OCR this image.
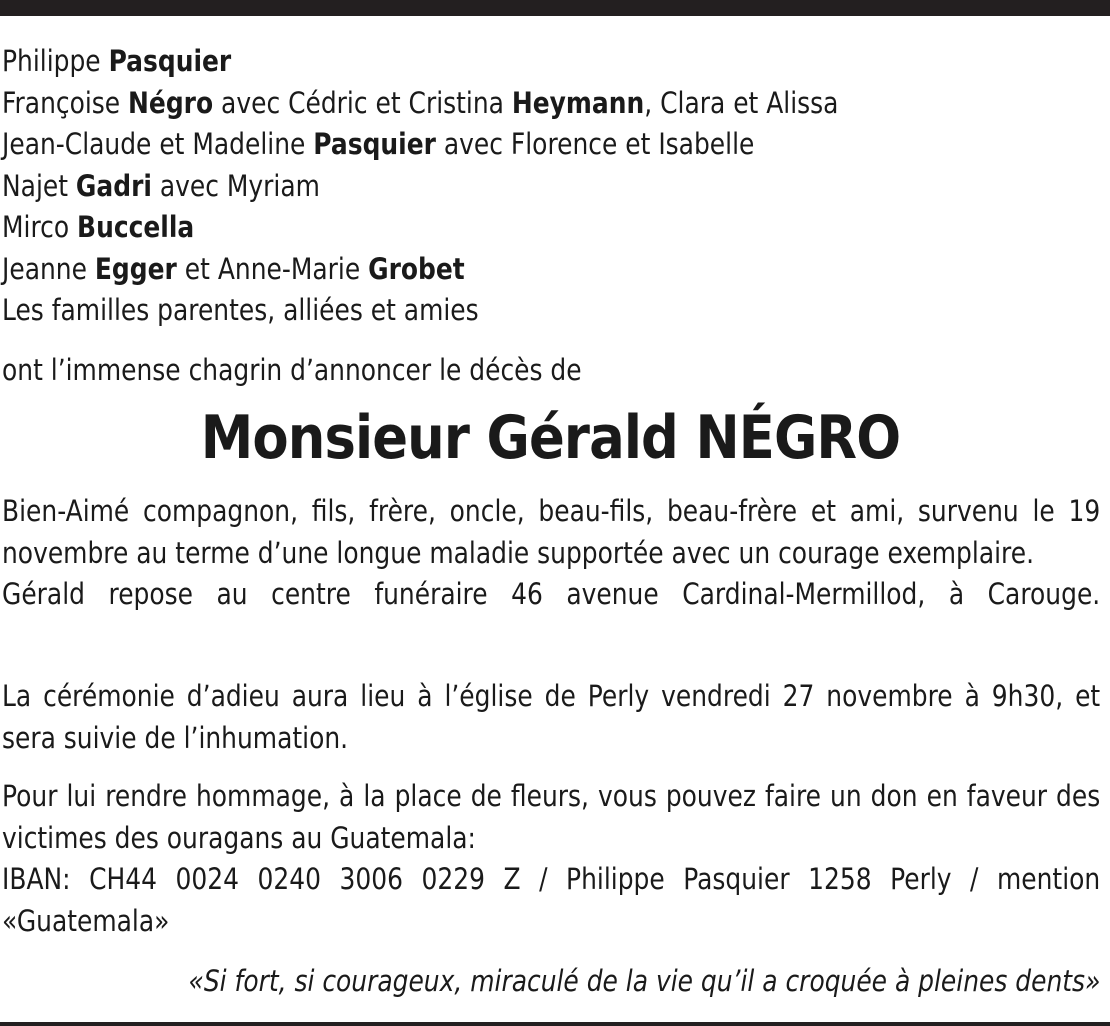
Philippe Pasquier
Françoise Négro avec Cédric et Cristina Heymann, Clara et Alissa
Jean-Claude et Madeline Pasquier avec Florence et Isabelle
Najet Gadri avec Myriam
Mirco Buccella
Jeanne Egger et Anne-Marie Grobet
Les familles parentes, alliées et amies
ont l’immense chagrin d’annoncer le décès de
Monsieur Gérald NÉGRO
Bien-Aimé compagnon, fils, frère, oncle, beau-fils, beau-frère et ami, survenu le 19 novembre au terme d’une longue maladie supportée avec un courage exemplaire.
Gérald repose au centre funéraire 46 avenue Cardinal-Mermillod, à Carouge.
La cérémonie d’adieu aura lieu à l’église de Perly vendredi 27 novembre à 9h30, et sera suivie de l’inhumation.
Pour lui rendre hommage, à la place de fleurs, vous pouvez faire un don en faveur des victimes des ouragans au Guatemala:
IBAN: CH44 0024 0240 3006 0229 Z / Philippe Pasquier 1258 Perly / mention «Guatemala»
«Si fort, si courageux, miraculé de la vie qu’il a croquée à pleines dents»
